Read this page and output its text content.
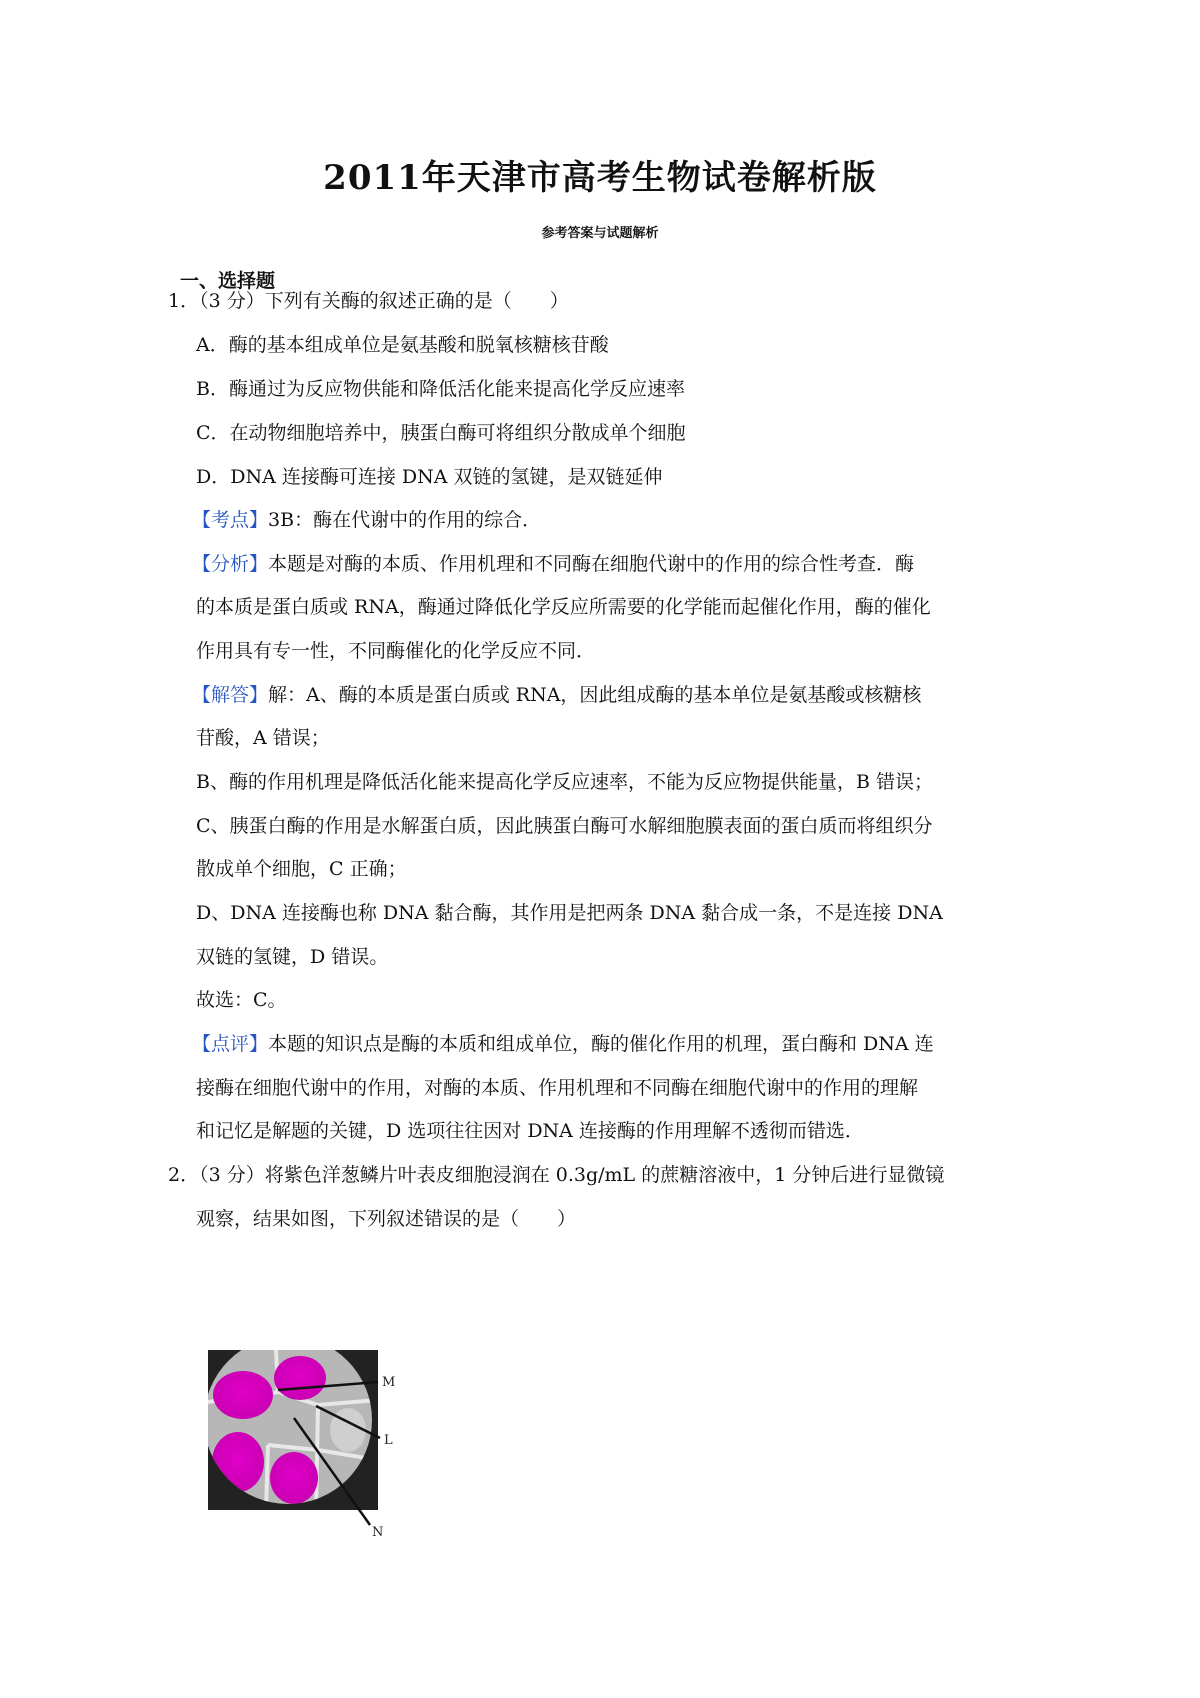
2011年天津市高考生物试卷解析版
参考答案与试题解析
一、选择题
1．（3 分）下列有关酶的叙述正确的是（　　）
A．酶的基本组成单位是氨基酸和脱氧核糖核苷酸
B．酶通过为反应物供能和降低活化能来提高化学反应速率
C．在动物细胞培养中，胰蛋白酶可将组织分散成单个细胞
D．DNA 连接酶可连接 DNA 双链的氢键，是双链延伸
【考点】3B：酶在代谢中的作用的综合．
【分析】本题是对酶的本质、作用机理和不同酶在细胞代谢中的作用的综合性考查．酶
的本质是蛋白质或 RNA，酶通过降低化学反应所需要的化学能而起催化作用，酶的催化
作用具有专一性，不同酶催化的化学反应不同．
【解答】解：A、酶的本质是蛋白质或 RNA，因此组成酶的基本单位是氨基酸或核糖核
苷酸，A 错误；
B、酶的作用机理是降低活化能来提高化学反应速率，不能为反应物提供能量，B 错误；
C、胰蛋白酶的作用是水解蛋白质，因此胰蛋白酶可水解细胞膜表面的蛋白质而将组织分
散成单个细胞，C 正确；
D、DNA 连接酶也称 DNA 黏合酶，其作用是把两条 DNA 黏合成一条，不是连接 DNA
双链的氢键，D 错误。
故选：C。
【点评】本题的知识点是酶的本质和组成单位，酶的催化作用的机理，蛋白酶和 DNA 连
接酶在细胞代谢中的作用，对酶的本质、作用机理和不同酶在细胞代谢中的作用的理解
和记忆是解题的关键，D 选项往往因对 DNA 连接酶的作用理解不透彻而错选．
2．（3 分）将紫色洋葱鳞片叶表皮细胞浸润在 0.3g/mL 的蔗糖溶液中，1 分钟后进行显微镜
观察，结果如图，下列叙述错误的是（　　）
M
L
N
